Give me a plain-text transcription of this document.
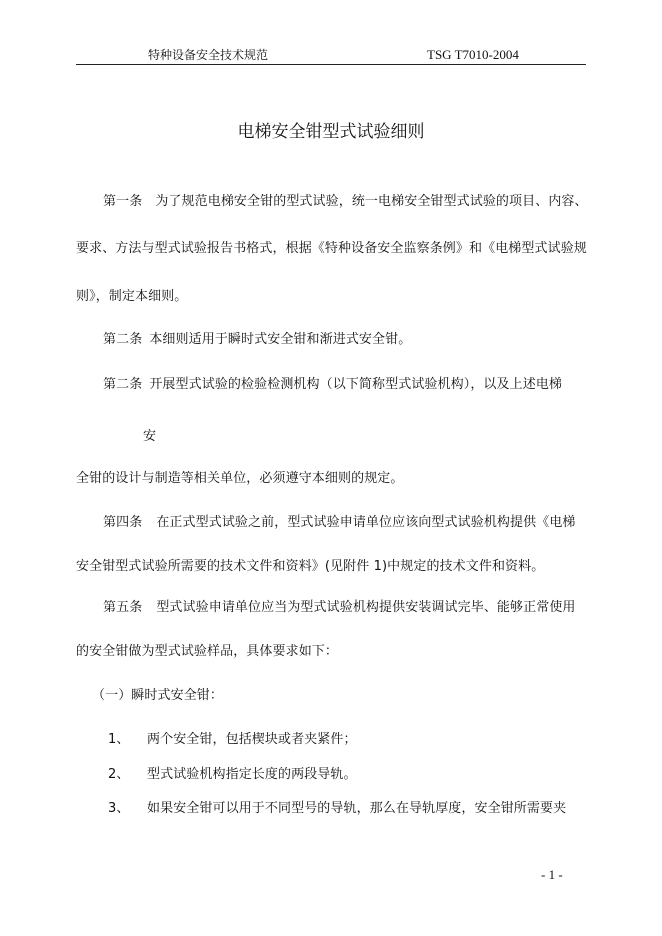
特种设备安全技术规范	TSG T7010-2004
电梯安全钳型式试验细则
第一条 为了规范电梯安全钳的型式试验，统一电梯安全钳型式试验的项目、内容、
要求、方法与型式试验报告书格式，根据《特种设备安全监察条例》和《电梯型式试验规
则》，制定本细则。
第二条 本细则适用于瞬时式安全钳和渐进式安全钳。
第二条 开展型式试验的检验检测机构（以下简称型式试验机构），以及上述电梯
安
全钳的设计与制造等相关单位，必须遵守本细则的规定。
第四条 在正式型式试验之前，型式试验申请单位应该向型式试验机构提供《电梯
安全钳型式试验所需要的技术文件和资料》(见附件 1)中规定的技术文件和资料。
第五条 型式试验申请单位应当为型式试验机构提供安装调试完毕、能够正常使用
的安全钳做为型式试验样品，具体要求如下：
（一）瞬时式安全钳：
1、 两个安全钳，包括楔块或者夹紧件；
2、 型式试验机构指定长度的两段导轨。
3、 如果安全钳可以用于不同型号的导轨，那么在导轨厚度，安全钳所需要夹
- 1 -
